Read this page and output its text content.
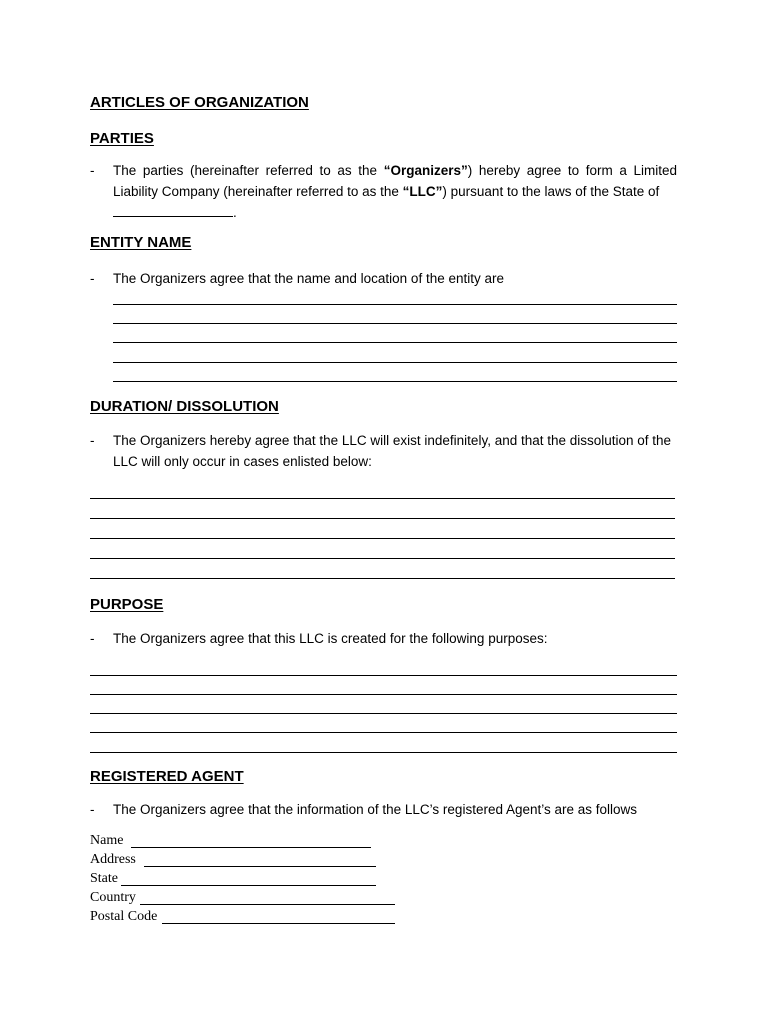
ARTICLES OF ORGANIZATION
PARTIES
- The parties (hereinafter referred to as the “Organizers”) hereby agree to form a Limited Liability Company (hereinafter referred to as the “LLC”) pursuant to the laws of the State of
.
ENTITY NAME
- The Organizers agree that the name and location of the entity are
DURATION/ DISSOLUTION
- The Organizers hereby agree that the LLC will exist indefinitely, and that the dissolution of the LLC will only occur in cases enlisted below:
PURPOSE
- The Organizers agree that this LLC is created for the following purposes:
REGISTERED AGENT
- The Organizers agree that the information of the LLC’s registered Agent’s are as follows
Name
Address
State
Country
Postal Code
